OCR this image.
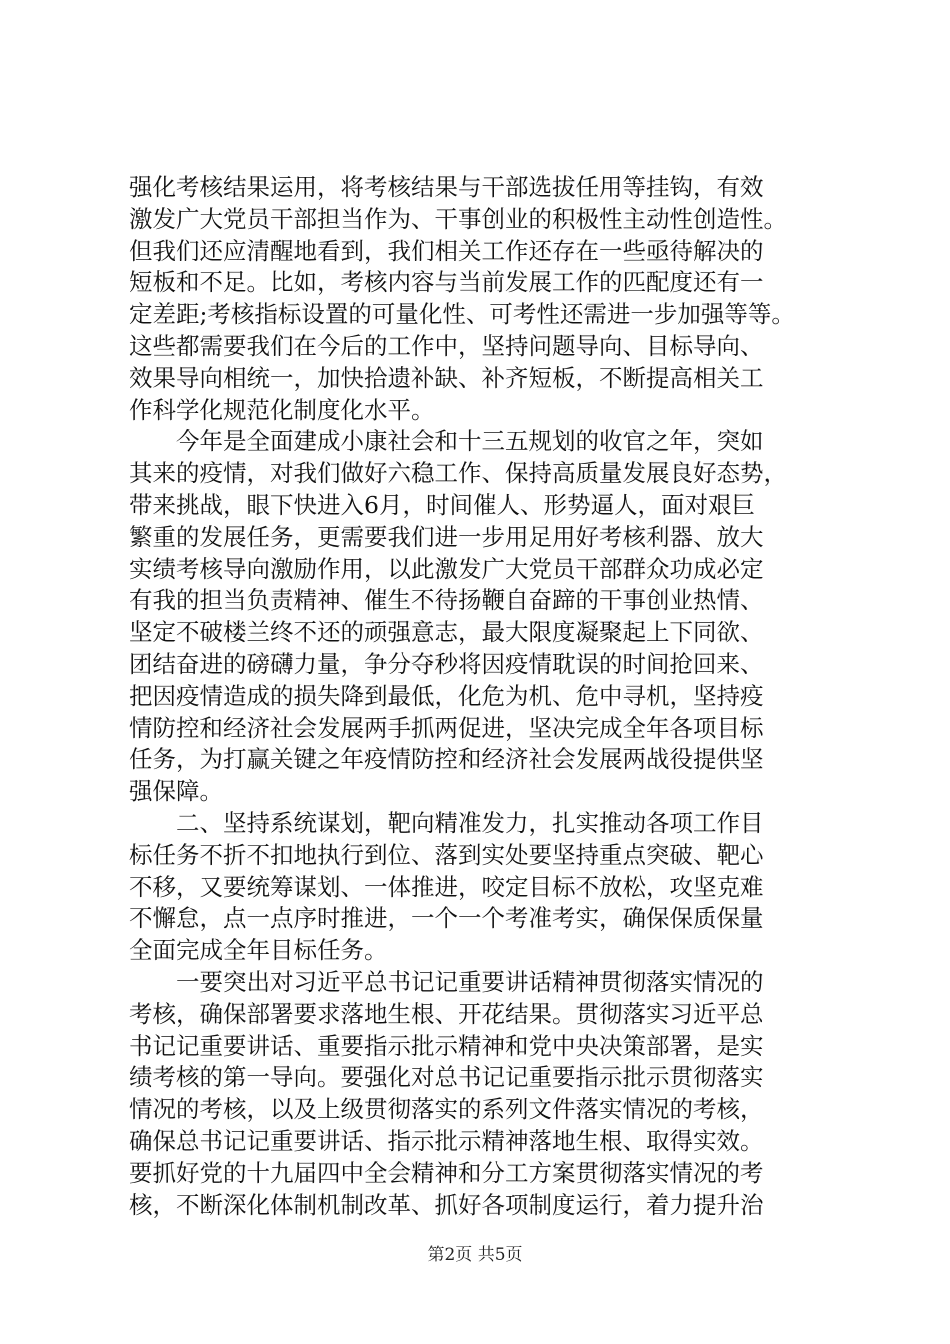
强化考核结果运用，将考核结果与干部选拔任用等挂钩，有效
激发广大党员干部担当作为、干事创业的积极性主动性创造性。
但我们还应清醒地看到，我们相关工作还存在一些亟待解决的
短板和不足。比如，考核内容与当前发展工作的匹配度还有一
定差距;考核指标设置的可量化性、可考性还需进一步加强等等。
这些都需要我们在今后的工作中，坚持问题导向、目标导向、
效果导向相统一，加快拾遗补缺、补齐短板，不断提高相关工
作科学化规范化制度化水平。
　　今年是全面建成小康社会和十三五规划的收官之年，突如
其来的疫情，对我们做好六稳工作、保持高质量发展良好态势，
带来挑战，眼下快进入6月，时间催人、形势逼人，面对艰巨
繁重的发展任务，更需要我们进一步用足用好考核利器、放大
实绩考核导向激励作用，以此激发广大党员干部群众功成必定
有我的担当负责精神、催生不待扬鞭自奋蹄的干事创业热情、
坚定不破楼兰终不还的顽强意志，最大限度凝聚起上下同欲、
团结奋进的磅礴力量，争分夺秒将因疫情耽误的时间抢回来、
把因疫情造成的损失降到最低，化危为机、危中寻机，坚持疫
情防控和经济社会发展两手抓两促进，坚决完成全年各项目标
任务，为打赢关键之年疫情防控和经济社会发展两战役提供坚
强保障。
　　二、坚持系统谋划，靶向精准发力，扎实推动各项工作目
标任务不折不扣地执行到位、落到实处要坚持重点突破、靶心
不移，又要统筹谋划、一体推进，咬定目标不放松，攻坚克难
不懈怠，点一点序时推进，一个一个考准考实，确保保质保量
全面完成全年目标任务。
　　一要突出对习近平总书记记重要讲话精神贯彻落实情况的
考核，确保部署要求落地生根、开花结果。贯彻落实习近平总
书记记重要讲话、重要指示批示精神和党中央决策部署，是实
绩考核的第一导向。要强化对总书记记重要指示批示贯彻落实
情况的考核，以及上级贯彻落实的系列文件落实情况的考核，
确保总书记记重要讲话、指示批示精神落地生根、取得实效。
要抓好党的十九届四中全会精神和分工方案贯彻落实情况的考
核，不断深化体制机制改革、抓好各项制度运行，着力提升治
第2页 共5页
